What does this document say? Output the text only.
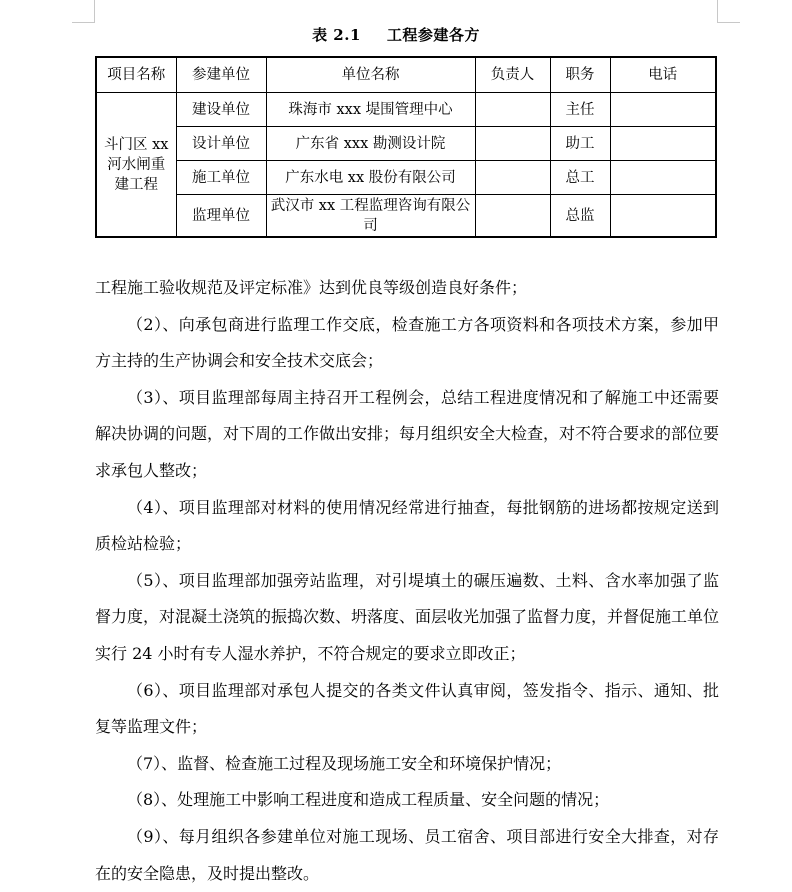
表 2.1 工程参建各方
项目名称	参建单位	单位名称	负责人	职务	电话
斗门区 xx 河水闸重建工程	建设单位	珠海市 xxx 堤围管理中心		主任	
	设计单位	广东省 xxx 勘测设计院		助工	
	施工单位	广东水电 xx 股份有限公司		总工	
	监理单位	武汉市 xx 工程监理咨询有限公司		总监	

工程施工验收规范及评定标准》达到优良等级创造良好条件；

（2）、向承包商进行监理工作交底，检查施工方各项资料和各项技术方案，参加甲方主持的生产协调会和安全技术交底会；

（3）、项目监理部每周主持召开工程例会，总结工程进度情况和了解施工中还需要解决协调的问题，对下周的工作做出安排；每月组织安全大检查，对不符合要求的部位要求承包人整改；

（4）、项目监理部对材料的使用情况经常进行抽查，每批钢筋的进场都按规定送到质检站检验；

（5）、项目监理部加强旁站监理，对引堤填土的碾压遍数、土料、含水率加强了监督力度，对混凝土浇筑的振捣次数、坍落度、面层收光加强了监督力度，并督促施工单位实行 24 小时有专人湿水养护，不符合规定的要求立即改正；

（6）、项目监理部对承包人提交的各类文件认真审阅，签发指令、指示、通知、批复等监理文件；

（7）、监督、检查施工过程及现场施工安全和环境保护情况；

（8）、处理施工中影响工程进度和造成工程质量、安全问题的情况；

（9）、每月组织各参建单位对施工现场、员工宿舍、项目部进行安全大排查，对存在的安全隐患，及时提出整改。
